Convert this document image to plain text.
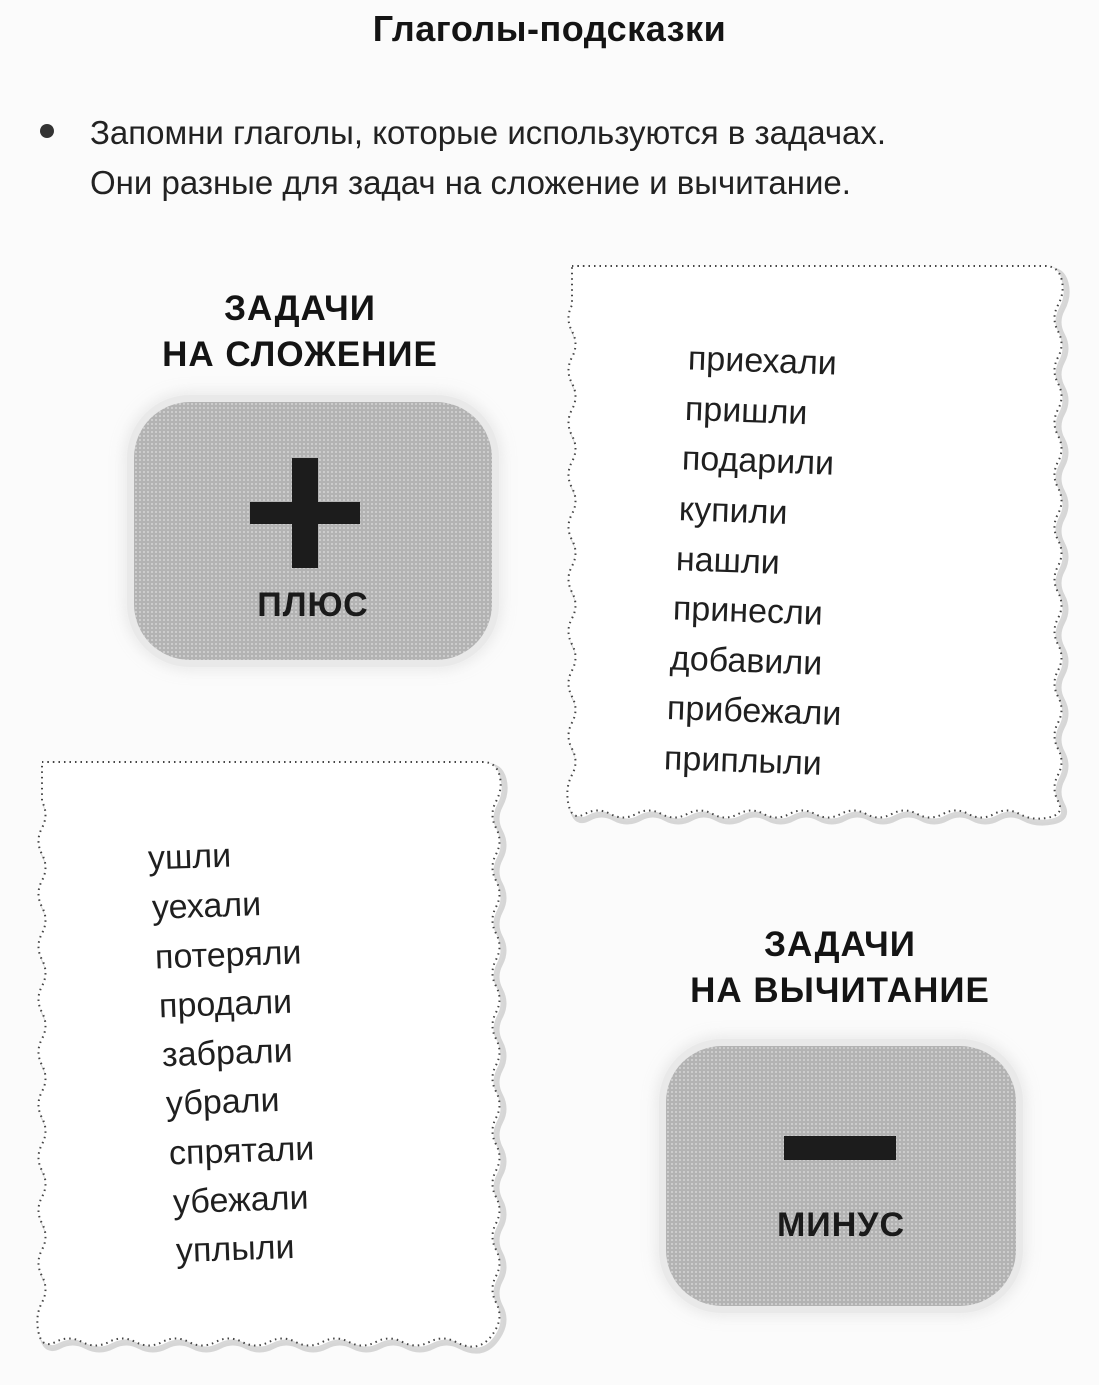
Глаголы-подсказки
Запомни глаголы, которые используются в задачах.
Они разные для задач на сложение и вычитание.
ЗАДАЧИ
НА СЛОЖЕНИЕ
ПЛЮС
приехали
пришли
подарили
купили
нашли
принесли
добавили
прибежали
приплыли
ушли
уехали
потеряли
продали
забрали
убрали
спрятали
убежали
уплыли
ЗАДАЧИ
НА ВЫЧИТАНИЕ
МИНУС
